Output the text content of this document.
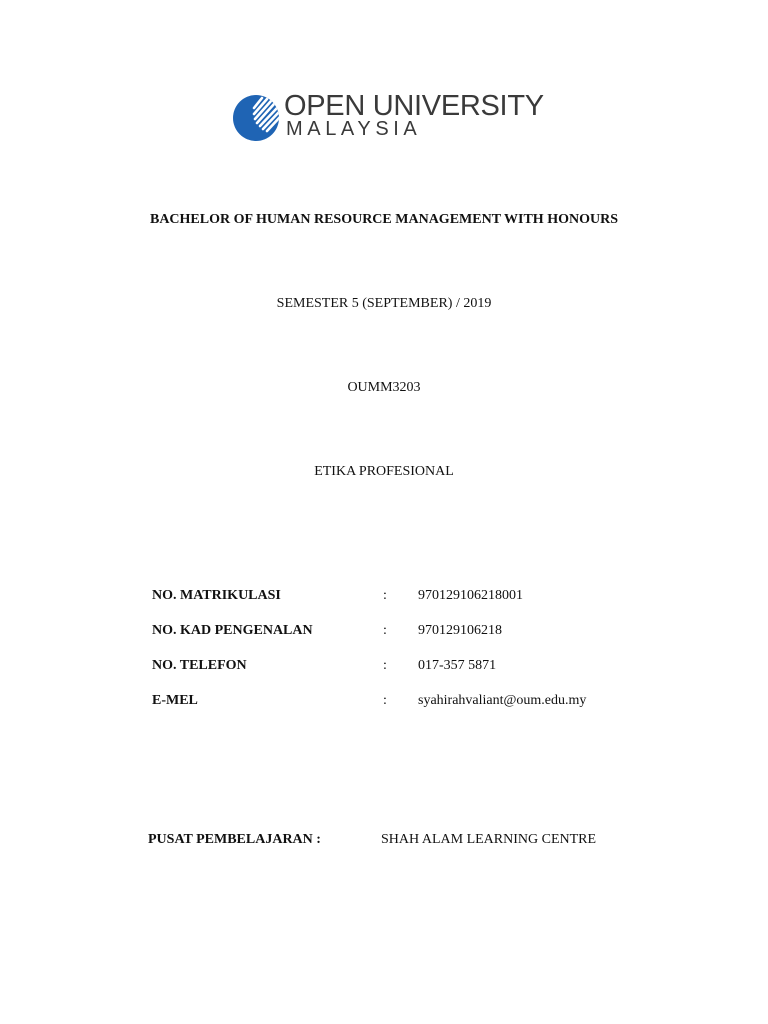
OPEN UNIVERSITY
MALAYSIA
BACHELOR OF HUMAN RESOURCE MANAGEMENT WITH HONOURS
SEMESTER 5 (SEPTEMBER) / 2019
OUMM3203
ETIKA PROFESIONAL
NO. MATRIKULASI	: 970129106218001
NO. KAD PENGENALAN	: 970129106218
NO. TELEFON	: 017-357 5871
E-MEL	: syahirahvaliant@oum.edu.my
PUSAT PEMBELAJARAN :	SHAH ALAM LEARNING CENTRE
